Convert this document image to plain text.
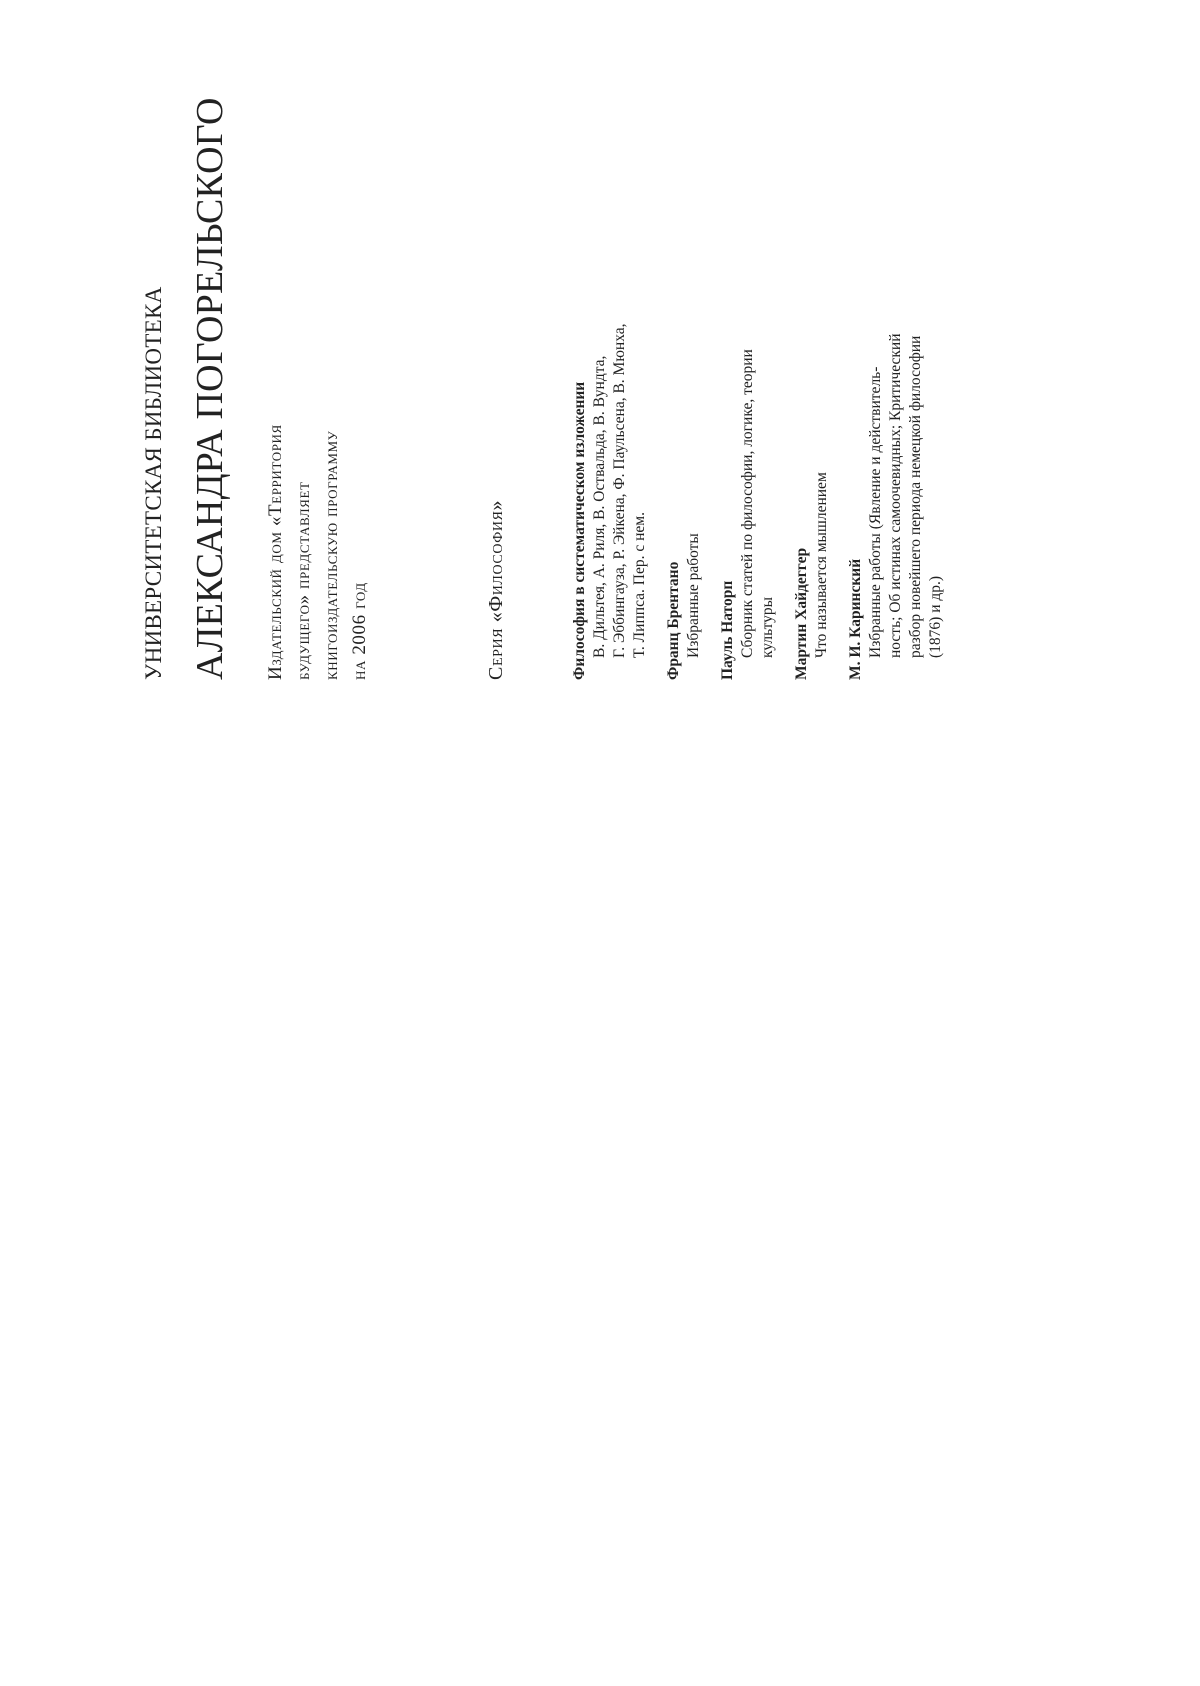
УНИВЕРСИТЕТСКАЯ БИБЛИОТЕКА АЛЕКСАНДРА ПОГОРЕЛЬСКОГО Издательский дом «Территория будущего» представляет книгоиздательскую программу на 2006 год	Серия «Философия»	Философия в систематическом изложении В. Дильтея, А. Риля, В. Оствальда, В. Вундта, Г. Эббингауза, Р. Эйкена, Ф. Паульсена, В. Мюнха, Т. Липпса. Пер. с нем. Франц Брентано Избранные работы Пауль Наторп Сборник статей по философии, логике, теории культуры Мартин Хайдеггер Что называется мышлением М. И. Каринский Избранные работы (Явление и действитель- ность; Об истинах самоочевидных; Критический разбор новейшего периода немецкой философии (1876) и др.)
